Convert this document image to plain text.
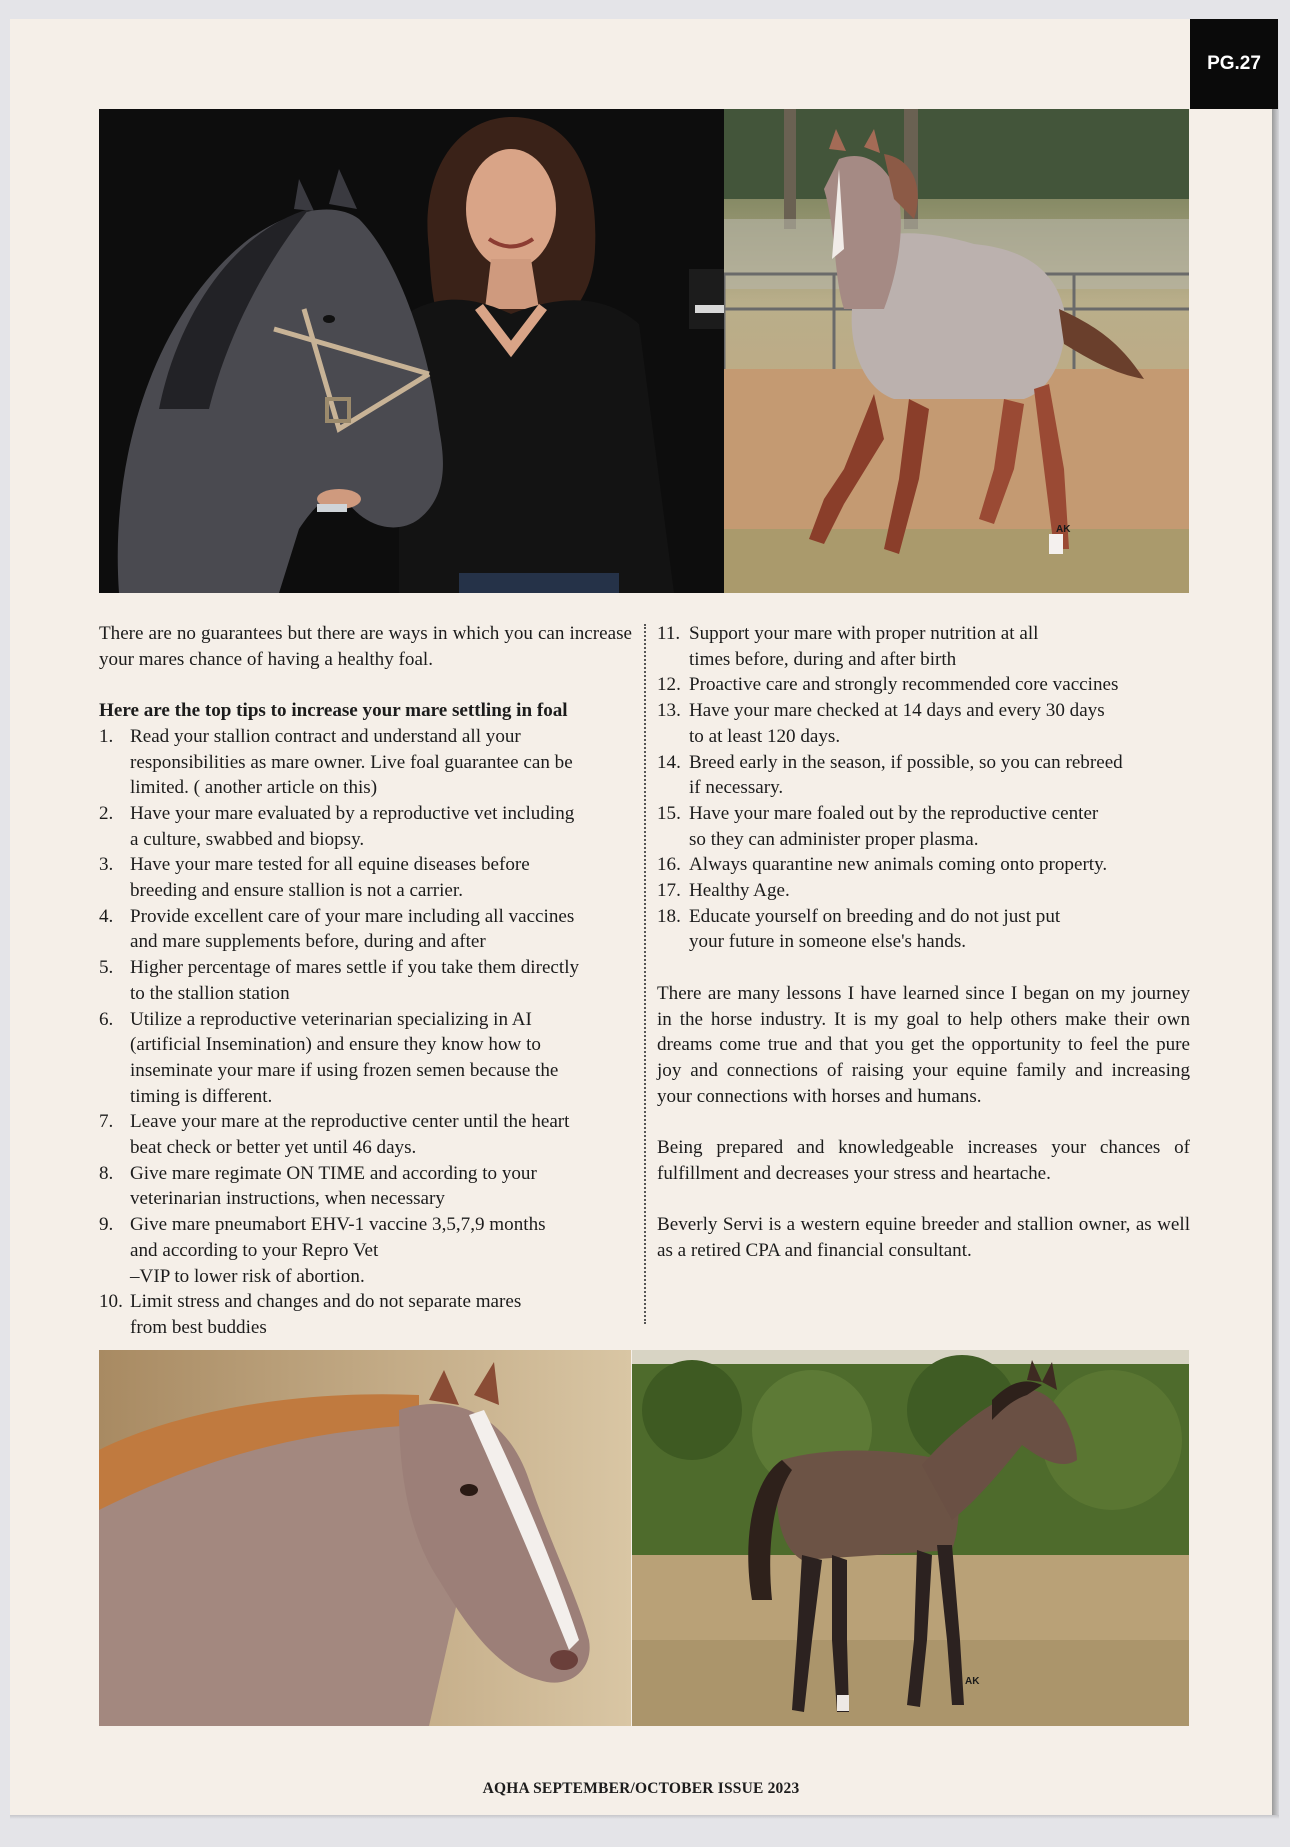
AQHA SEPTEMBER/OCTOBER ISSUE 2023
PG.27
AK

There are no guarantees but there are ways in which you can increase your mares chance of having a healthy foal.

Here are the top tips to increase your mare settling in foal

1. Read your stallion contract and understand all your
responsibilities as mare owner. Live foal guarantee can be
limited. ( another article on this)
2. Have your mare evaluated by a reproductive vet including
a culture, swabbed and biopsy.
3. Have your mare tested for all equine diseases before
breeding and ensure stallion is not a carrier.
4. Provide excellent care of your mare including all vaccines
and mare supplements before, during and after
5. Higher percentage of mares settle if you take them directly
to the stallion station
6. Utilize a reproductive veterinarian specializing in AI
(artificial Insemination) and ensure they know how to
inseminate your mare if using frozen semen because the
timing is different.
7. Leave your mare at the reproductive center until the heart
beat check or better yet until 46 days.
8. Give mare regimate ON TIME and according to your
veterinarian instructions, when necessary
9. Give mare pneumabort EHV-1 vaccine 3,5,7,9 months
and according to your Repro Vet
–VIP to lower risk of abortion.
10. Limit stress and changes and do not separate mares
from best buddies
11. Support your mare with proper nutrition at all
times before, during and after birth
12. Proactive care and strongly recommended core vaccines
13. Have your mare checked at 14 days and every 30 days
to at least 120 days.
14. Breed early in the season, if possible, so you can rebreed
if necessary.
15. Have your mare foaled out by the reproductive center
so they can administer proper plasma.
16. Always quarantine new animals coming onto property.
17. Healthy Age.
18. Educate yourself on breeding and do not just put
your future in someone else's hands.

There are many lessons I have learned since I began on my journey in the horse industry. It is my goal to help others make their own dreams come true and that you get the opportunity to feel the pure joy and connections of raising your equine family and increasing your connections with horses and humans.

Being prepared and knowledgeable increases your chances of fulfillment and decreases your stress and heartache.

Beverly Servi is a western equine breeder and stallion owner, as well as a retired CPA and financial consultant.

AK
